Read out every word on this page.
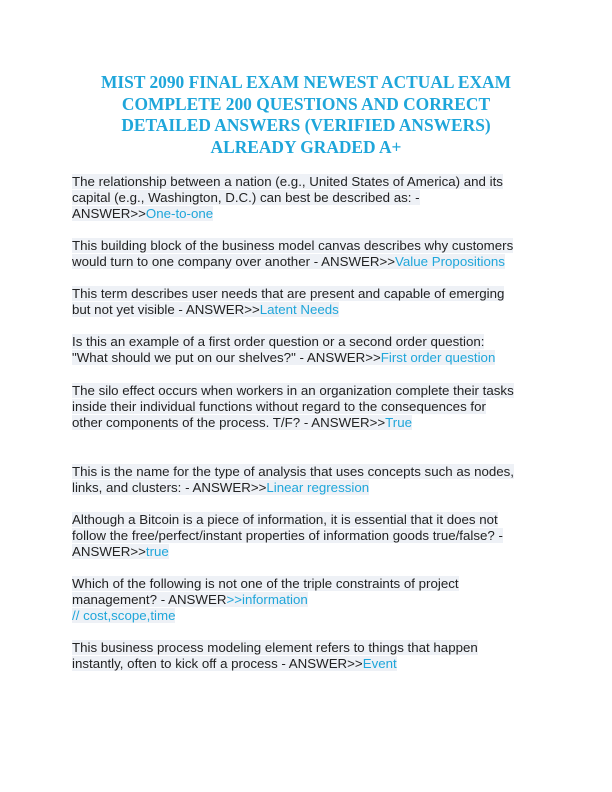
MIST 2090 FINAL EXAM NEWEST ACTUAL EXAM
COMPLETE 200 QUESTIONS AND CORRECT
DETAILED ANSWERS (VERIFIED ANSWERS)
ALREADY GRADED A+

The relationship between a nation (e.g., United States of America) and its
capital (e.g., Washington, D.C.) can best be described as: -
ANSWER>>One-to-one

This building block of the business model canvas describes why customers
would turn to one company over another - ANSWER>>Value Propositions

This term describes user needs that are present and capable of emerging
but not yet visible - ANSWER>>Latent Needs

Is this an example of a first order question or a second order question:
"What should we put on our shelves?" - ANSWER>>First order question

The silo effect occurs when workers in an organization complete their tasks
inside their individual functions without regard to the consequences for
other components of the process. T/F? - ANSWER>>True

This is the name for the type of analysis that uses concepts such as nodes,
links, and clusters: - ANSWER>>Linear regression

Although a Bitcoin is a piece of information, it is essential that it does not
follow the free/perfect/instant properties of information goods true/false? -
ANSWER>>true

Which of the following is not one of the triple constraints of project
management? - ANSWER>>information
// cost,scope,time

This business process modeling element refers to things that happen
instantly, often to kick off a process - ANSWER>>Event
